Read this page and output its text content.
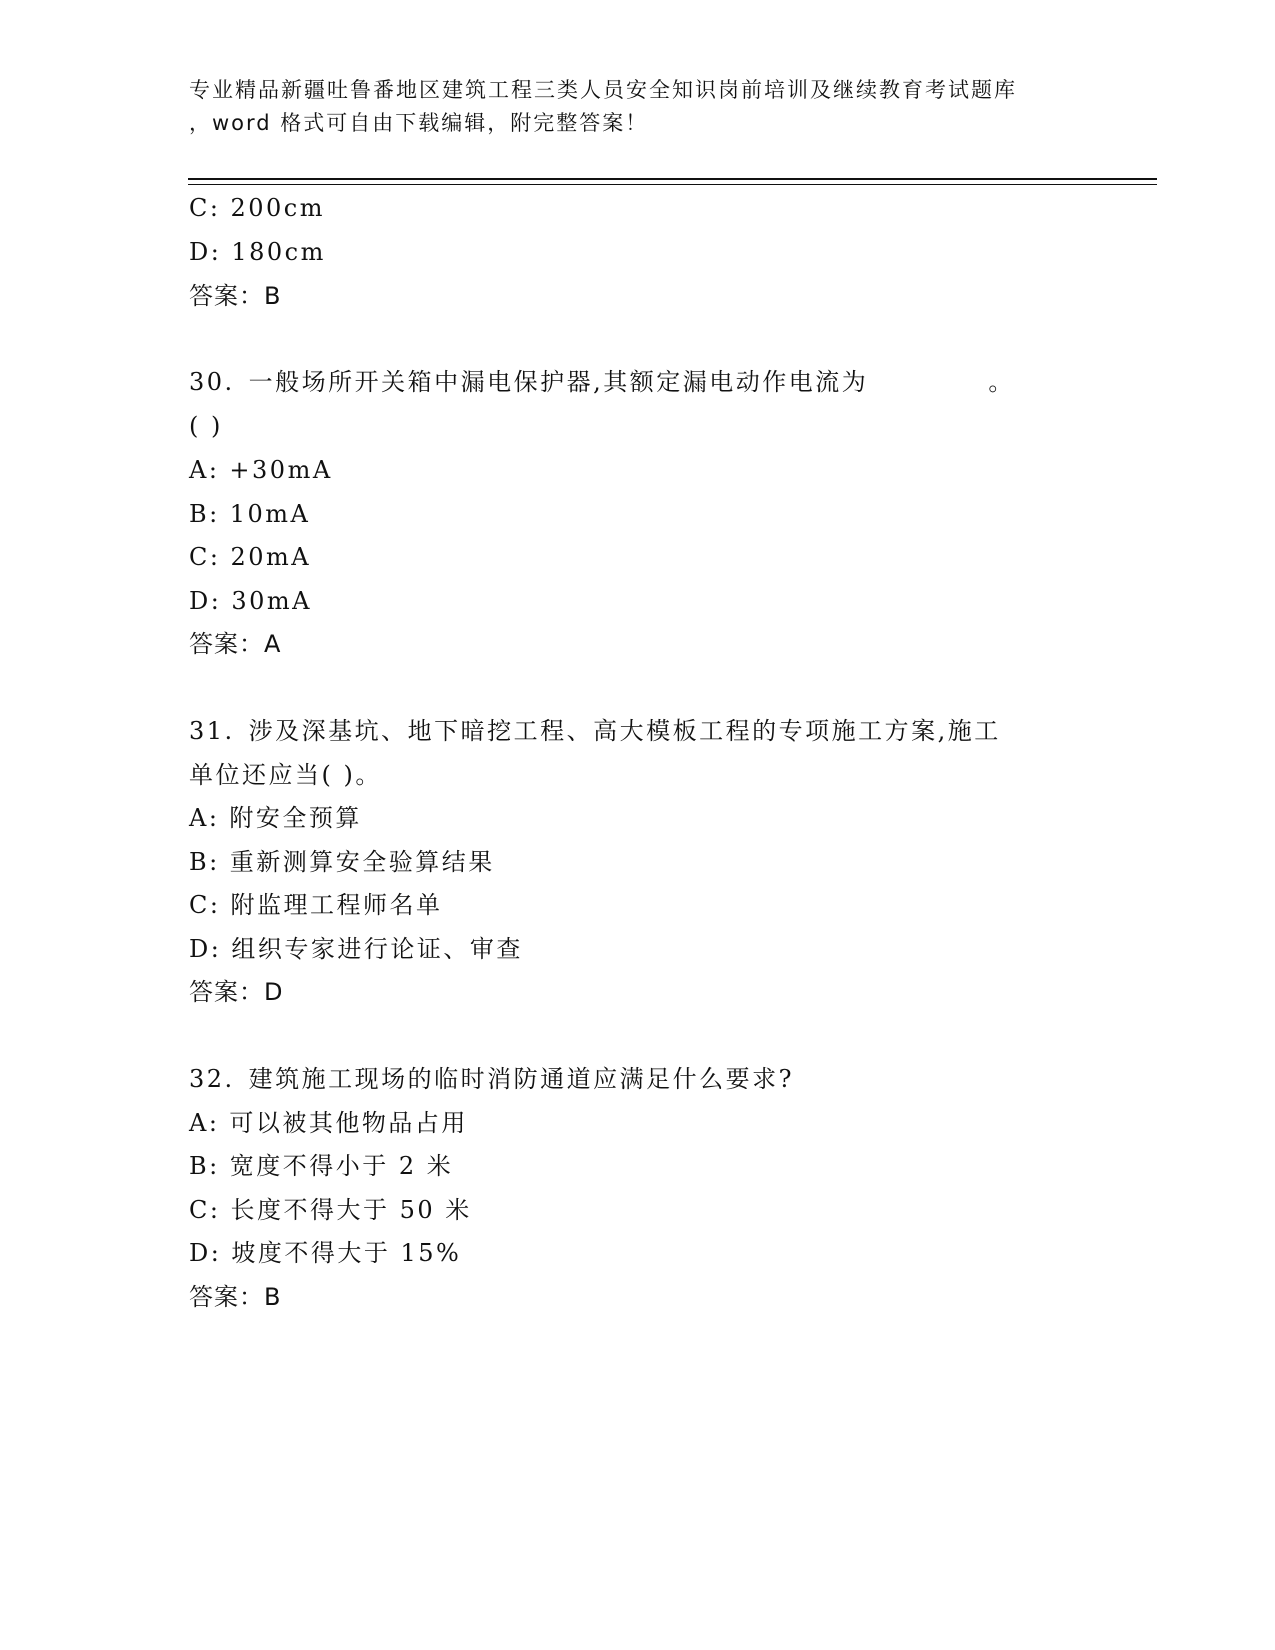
专业精品新疆吐鲁番地区建筑工程三类人员安全知识岗前培训及继续教育考试题库
，word 格式可自由下载编辑，附完整答案！
C: 200cm
D: 180cm
答案：B
30. 一般场所开关箱中漏电保护器,其额定漏电动作电流为	。
( )
A: +30mA
B: 10mA
C: 20mA
D: 30mA
答案：A
31. 涉及深基坑、地下暗挖工程、高大模板工程的专项施工方案,施工
单位还应当( )。
A: 附安全预算
B: 重新测算安全验算结果
C: 附监理工程师名单
D: 组织专家进行论证、审查
答案：D
32. 建筑施工现场的临时消防通道应满足什么要求?
A: 可以被其他物品占用
B: 宽度不得小于 2 米
C: 长度不得大于 50 米
D: 坡度不得大于 15%
答案：B
